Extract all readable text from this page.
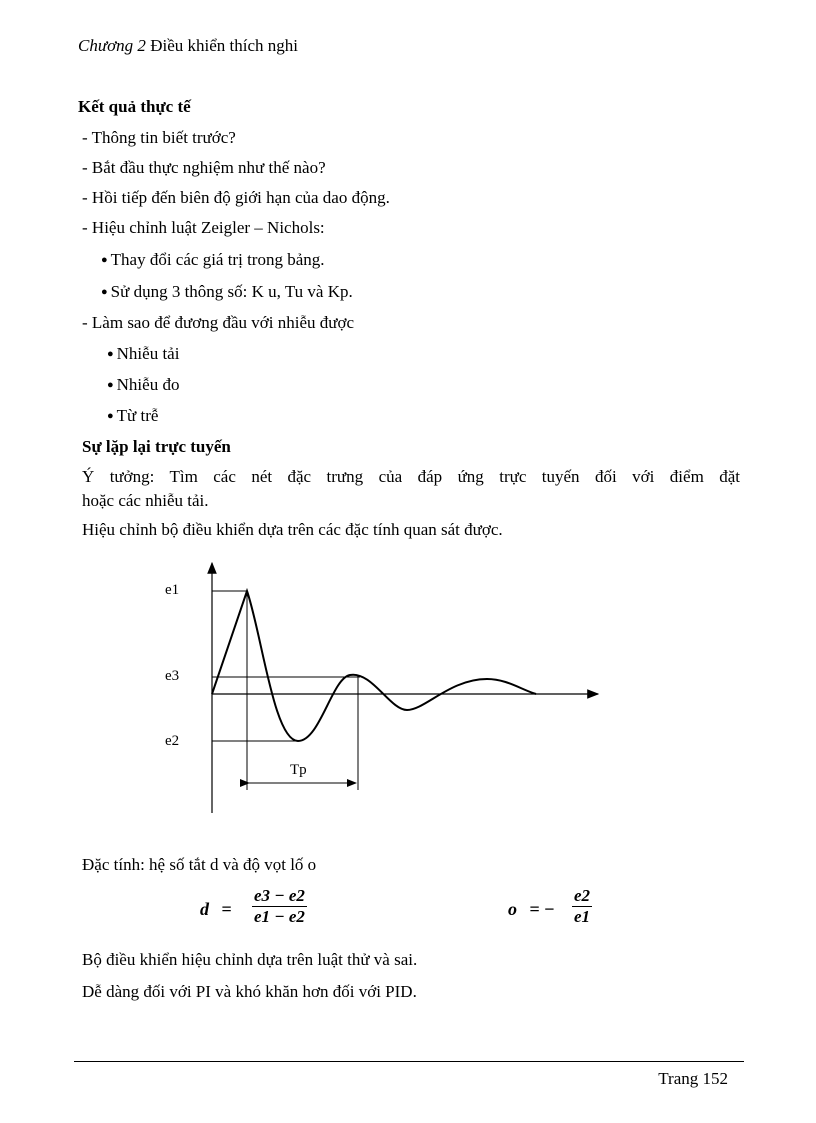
Chương 2 Điều khiển thích nghi
Kết quả thực tế
- Thông tin biết trước?
- Bắt đầu thực nghiệm như thế nào?
- Hồi tiếp đến biên độ giới hạn của dao động.
- Hiệu chỉnh luật Zeigler – Nichols:
● Thay đổi các giá trị trong bảng.
● Sử dụng 3 thông số: K u, Tu và Kp.
- Làm sao để đương đầu với nhiễu được
● Nhiễu tải
● Nhiễu đo
● Từ trễ
Sự lặp lại trực tuyến
Ý tưởng: Tìm các nét đặc trưng của đáp ứng trực tuyến đối với điểm đặt
hoặc các nhiễu tải.
Hiệu chỉnh bộ điều khiển dựa trên các đặc tính quan sát được.
e1
e3
e2
Tp
Đặc tính: hệ số tắt d và độ vọt lố o
$d = \frac{e3 - e2}{e1 - e2}$	o = − $\frac{e2}{e1}$
Bộ điều khiển hiệu chỉnh dựa trên luật thử và sai.
Dễ dàng đối với PI và khó khăn hơn đối với PID.
Trang 152
